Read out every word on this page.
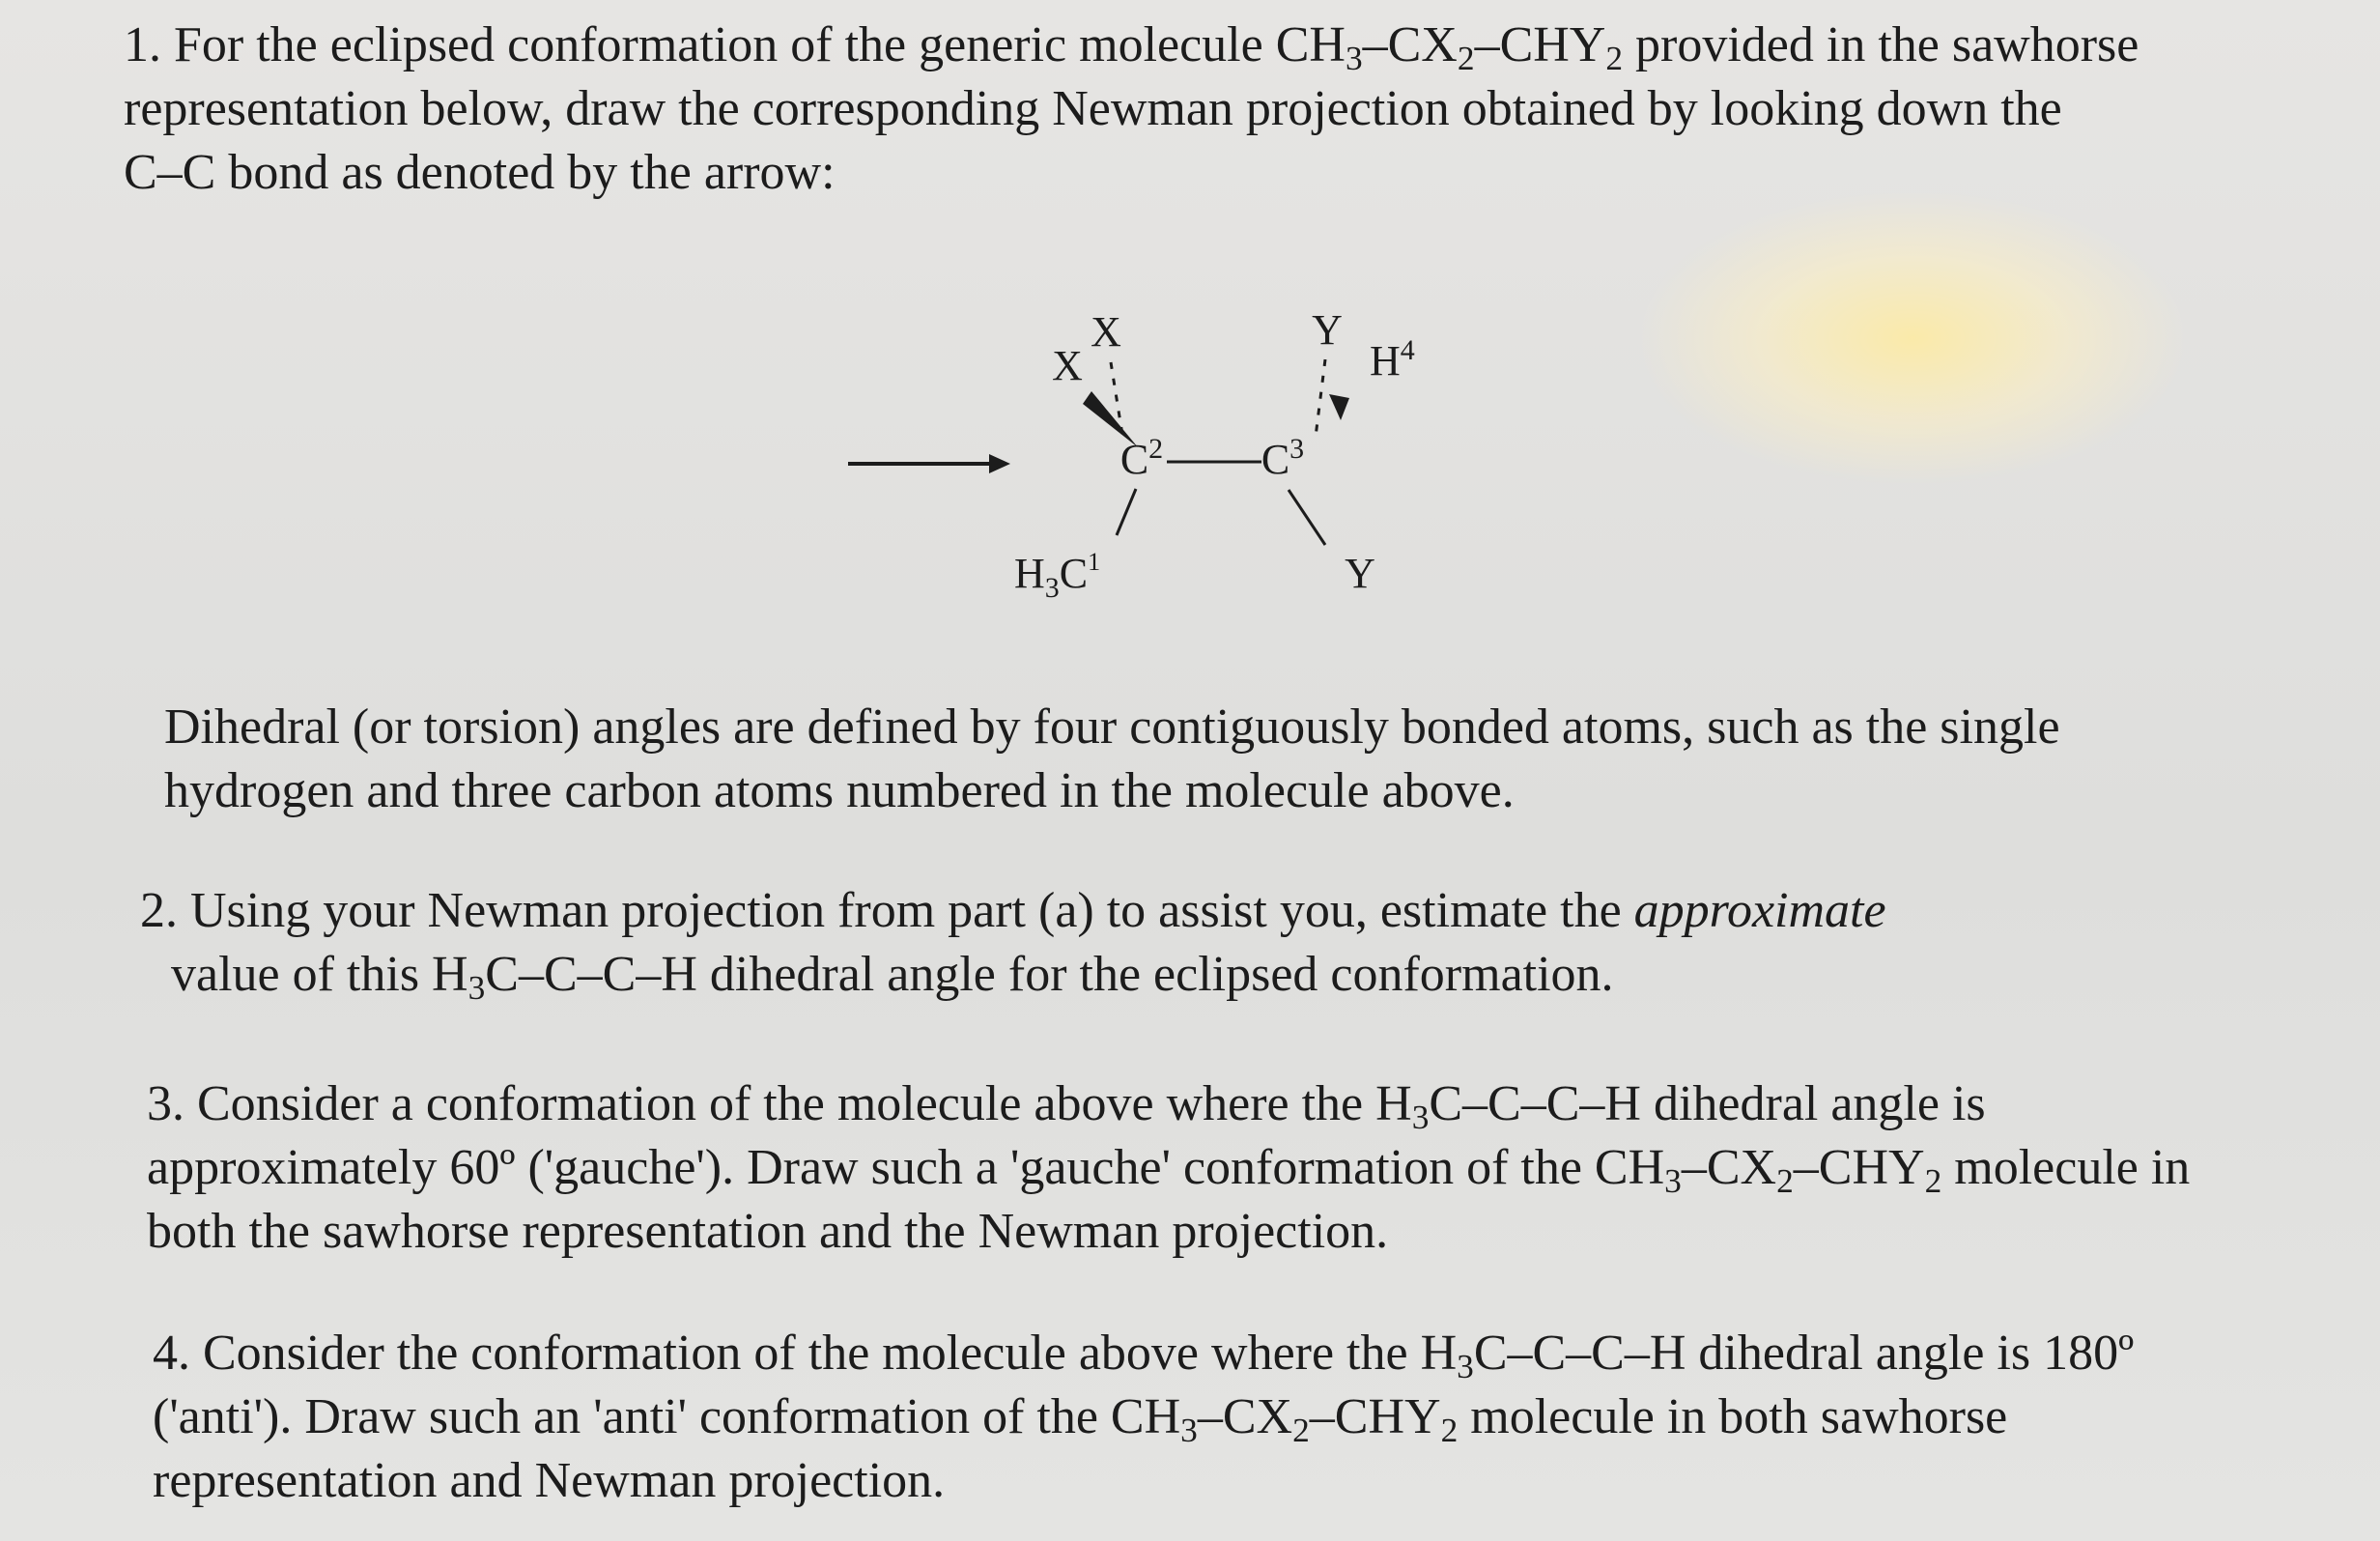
1. For the eclipsed conformation of the generic molecule $CH_3-CX_2-CHY_2$ provided in the sawhorse
representation below, draw the corresponding Newman projection obtained by looking down the
C–C bond as denoted by the arrow:

X
X
Y
$H^4$
$C^2$ $C^3$
$H_3C^1$	Y

Dihedral (or torsion) angles are defined by four contiguously bonded atoms, such as the single
hydrogen and three carbon atoms numbered in the molecule above.

2. Using your Newman projection from part (a) to assist you, estimate the approximate
value of this $H_3C-C-C-H$ dihedral angle for the eclipsed conformation.

3. Consider a conformation of the molecule above where the $H_3C-C-C-H$ dihedral angle is
approximately 60º ('gauche'). Draw such a 'gauche' conformation of the $CH_3-CX_2-CHY_2$ molecule in
both the sawhorse representation and the Newman projection.

4. Consider the conformation of the molecule above where the $H_3C-C-C-H$ dihedral angle is 180º
('anti'). Draw such an 'anti' conformation of the $CH_3-CX_2-CHY_2$ molecule in both sawhorse
representation and Newman projection.
